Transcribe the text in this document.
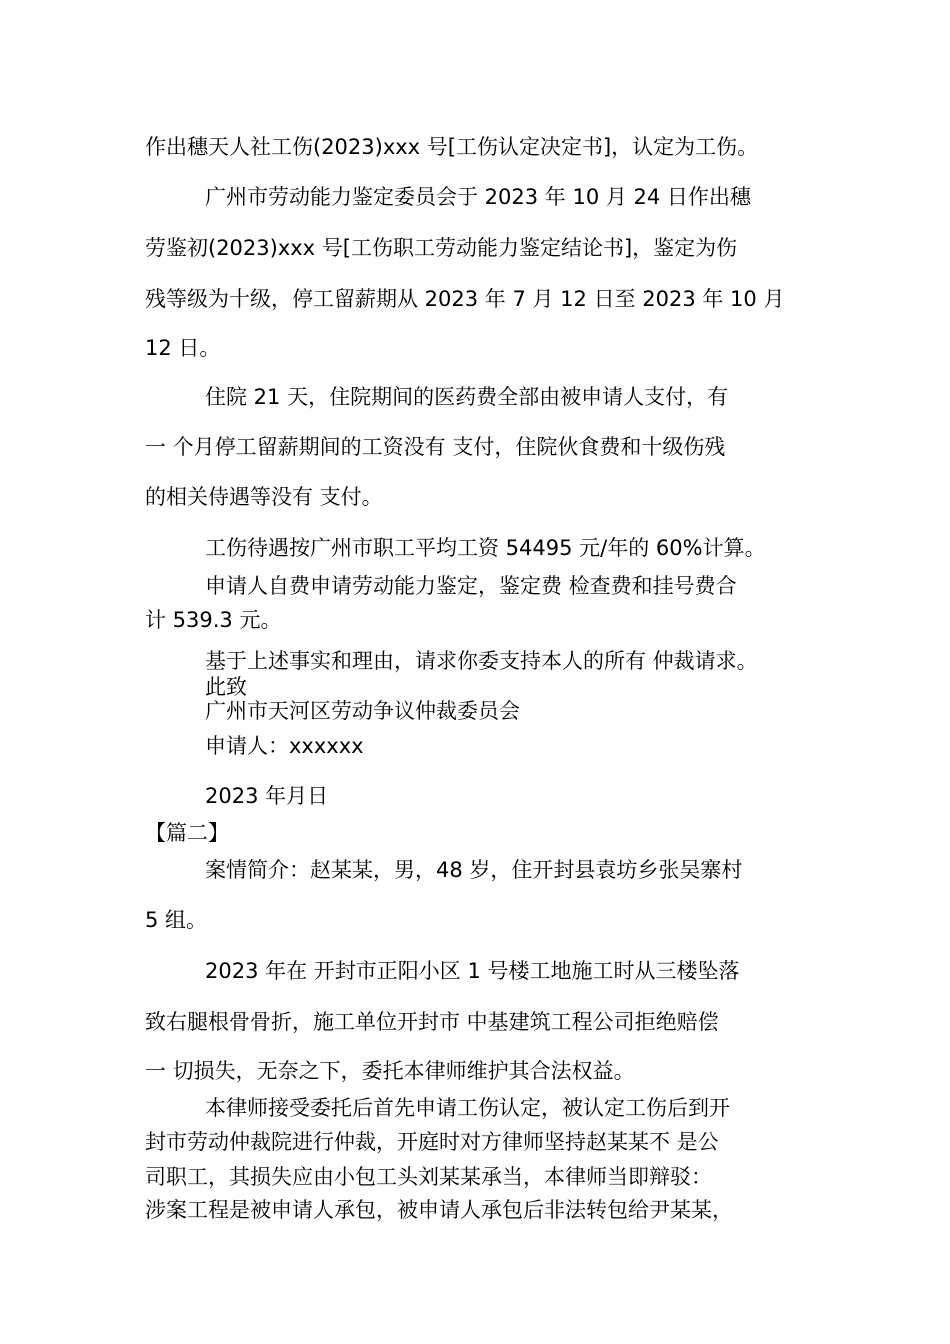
作出穗天人社工伤(2023)xxx 号[工伤认定决定书]，认定为工伤。
广州市劳动能力鉴定委员会于 2023 年 10 月 24 日作出穗
劳鉴初(2023)xxx 号[工伤职工劳动能力鉴定结论书]，鉴定为伤
残等级为十级，停工留薪期从 2023 年 7 月 12 日至 2023 年 10 月
12 日。
住院 21 天，住院期间的医药费全部由被申请人支付，有
一 个月停工留薪期间的工资没有 支付，住院伙食费和十级伤残
的相关侍遇等没有 支付。
工伤待遇按广州市职工平均工资 54495 元/年的 60%计算。
申请人自费申请劳动能力鉴定，鉴定费 检查费和挂号费合
计 539.3 元。
基于上述事实和理由，请求你委支持本人的所有 仲裁请求。
此致
广州市天河区劳动争议仲裁委员会
申请人：xxxxxx
2023 年月日
【篇二】
案情简介：赵某某，男，48 岁，住开封县袁坊乡张吴寨村
5 组。
2023 年在 开封市正阳小区 1 号楼工地施工时从三楼坠落
致右腿根骨骨折，施工单位开封市 中基建筑工程公司拒绝赔偿
一 切损失，无奈之下，委托本律师维护其合法权益。
本律师接受委托后首先申请工伤认定，被认定工伤后到开
封市劳动仲裁院进行仲裁，开庭时对方律师坚持赵某某不 是公
司职工，其损失应由小包工头刘某某承当，本律师当即辩驳：
涉案工程是被申请人承包，被申请人承包后非法转包给尹某某，
